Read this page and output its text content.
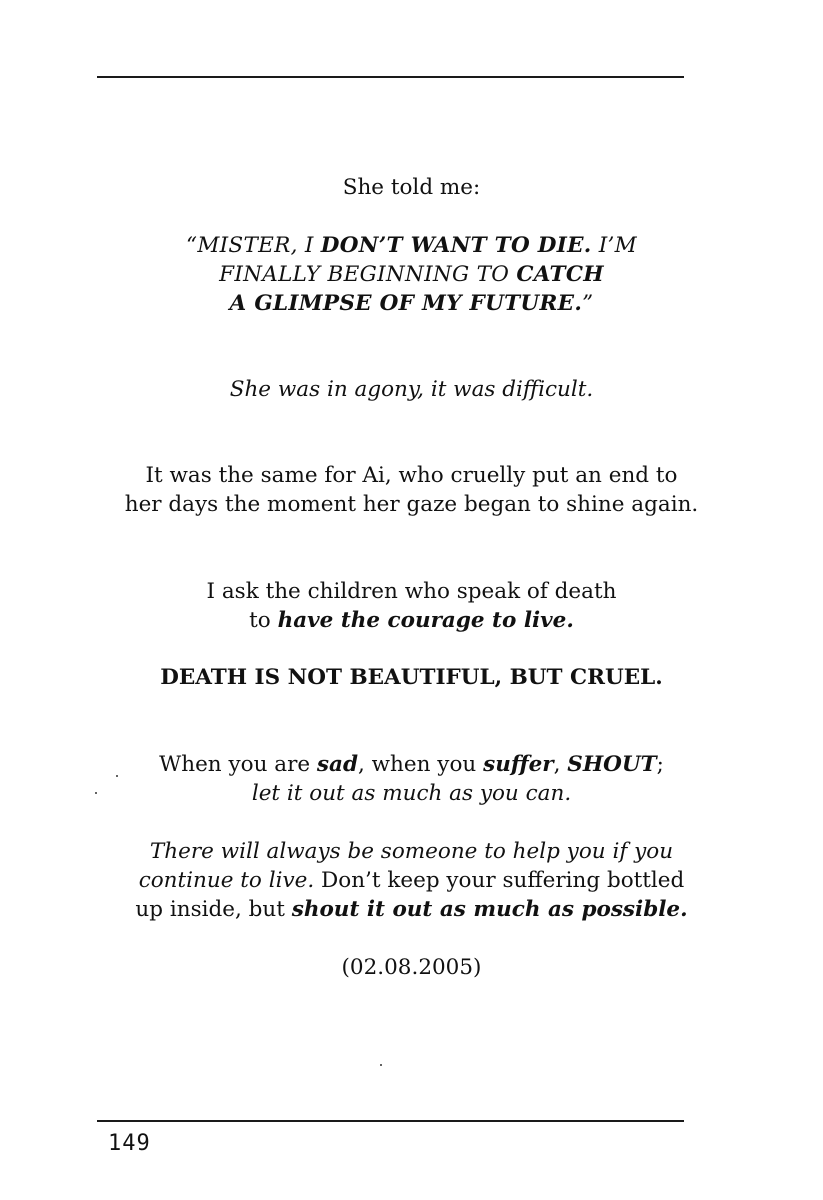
She told me:
“MISTER, I DON’T WANT TO DIE. I’M
FINALLY BEGINNING TO CATCH
A GLIMPSE OF MY FUTURE.”
She was in agony, it was difficult.
It was the same for Ai, who cruelly put an end to
her days the moment her gaze began to shine again.
I ask the children who speak of death
to have the courage to live.
DEATH IS NOT BEAUTIFUL, BUT CRUEL.
When you are sad, when you suffer, SHOUT;
let it out as much as you can.
There will always be someone to help you if you
continue to live. Don’t keep your suffering bottled
up inside, but shout it out as much as possible.
(02.08.2005)
149
